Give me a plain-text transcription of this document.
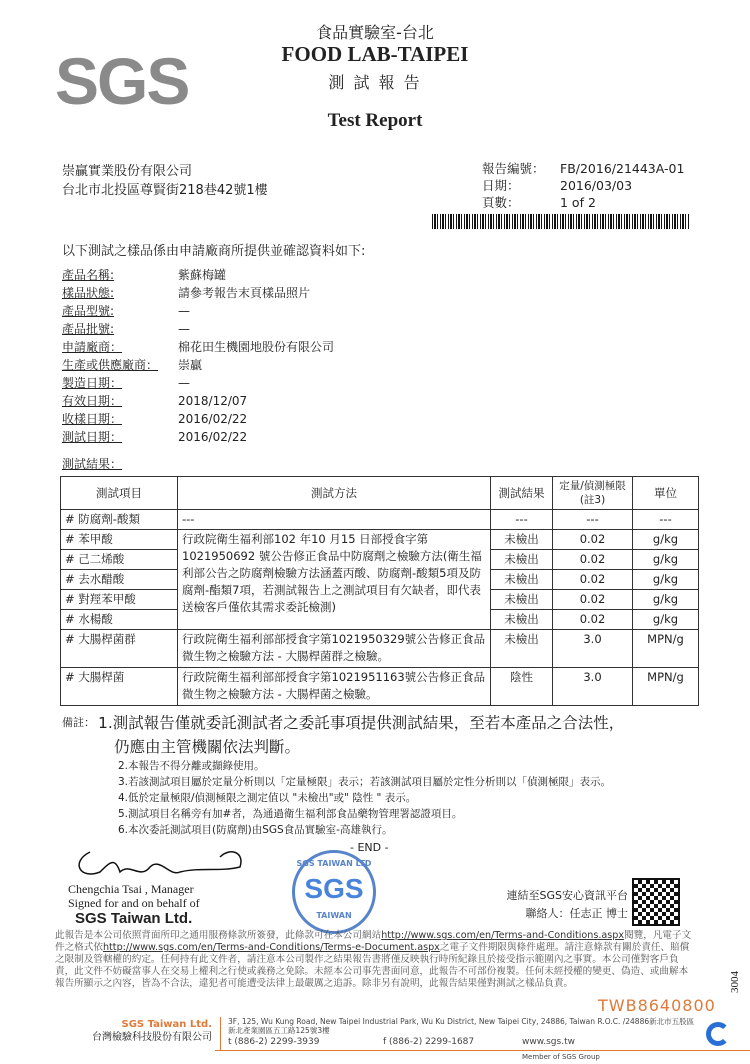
SGS
食品實驗室-台北
FOOD LAB-TAIPEI
測 試 報 告
Test Report
崇贏實業股份有限公司
台北市北投區尊賢街218巷42號1樓
報告編號： FB/2016/21443A-01
日期：	2016/03/03
頁數：	1 of 2
以下測試之樣品係由申請廠商所提供並確認資料如下:
產品名稱:	紫蘇梅罐
樣品狀態:	請參考報告末頁樣品照片
產品型號:	—
產品批號:	—
申請廠商：	棉花田生機園地股份有限公司
生產或供應廠商：	崇贏
製造日期：	—
有效日期：	2018/12/07
收樣日期：	2016/02/22
測試日期：	2016/02/22
測試結果：
測試項目	測試方法	測試結果	定量/偵測極限(註3)	單位
# 防腐劑-酸類	---	---	---	---
# 苯甲酸	行政院衛生福利部102 年10 月15 日部授食字第1021950692 號公告修正食品中防腐劑之檢驗方法(衛生福利部公告之防腐劑檢驗方法涵蓋丙酸、防腐劑-酸類5項及防腐劑-酯類7項，若測試報告上之測試項目有欠缺者，即代表送檢客戶僅依其需求委託檢測)	未檢出	0.02	g/kg
# 己二烯酸		未檢出	0.02	g/kg
# 去水醋酸		未檢出	0.02	g/kg
# 對羥苯甲酸		未檢出	0.02	g/kg
# 水楊酸		未檢出	0.02	g/kg
# 大腸桿菌群	行政院衛生福利部部授食字第1021950329號公告修正食品微生物之檢驗方法 - 大腸桿菌群之檢驗。	未檢出	3.0	MPN/g
# 大腸桿菌	行政院衛生福利部部授食字第1021951163號公告修正食品微生物之檢驗方法 - 大腸桿菌之檢驗。	陰性	3.0	MPN/g
備註： 1.測試報告僅就委託測試者之委託事項提供測試結果，至若本產品之合法性，
仍應由主管機關依法判斷。
2.本報告不得分離或擷錄使用。
3.若該測試項目屬於定量分析則以「定量極限」表示；若該測試項目屬於定性分析則以「偵測極限」表示。
4.低於定量極限/偵測極限之測定值以 "未檢出"或" 陰性 " 表示。
5.測試項目名稱旁有加#者，為通過衛生福利部食品藥物管理署認證項目。
6.本次委託測試項目(防腐劑)由SGS食品實驗室-高雄執行。
- END -
SGS TAIWAN LTD
SGS
TAIWAN
Chengchia Tsai , Manager
Signed for and on behalf of
SGS Taiwan Ltd.
連結至SGS安心資訊平台
聯絡人：任志正 博士
此報告是本公司依照背面所印之通用服務條款所簽發，此條款可在本公司網站http://www.sgs.com/en/Terms-and-Conditions.aspx閱覽，凡電子文件之格式依http://www.sgs.com/en/Terms-and-Conditions/Terms-e-Document.aspx之電子文件期限與條件處理。請注意條款有關於責任、賠償之限制及管轄權的約定。任何持有此文件者，請注意本公司製作之結果報告書將僅反映執行時所紀錄且於接受指示範圍內之事實。本公司僅對客戶負責，此文件不妨礙當事人在交易上權利之行使或義務之免除。未經本公司事先書面同意，此報告不可部份複製。任何未經授權的變更、偽造、或曲解本報告所顯示之內容，皆為不合法，違犯者可能遭受法律上最嚴厲之追訴。除非另有說明，此報告結果僅對測試之樣品負責。
TWB8640800
3004
SGS Taiwan Ltd.
台灣檢驗科技股份有限公司
3F, 125, Wu Kung Road, New Taipei Industrial Park, Wu Ku District, New Taipei City, 24886, Taiwan R.O.C. /24886新北市五股區新北產業園區五工路125號3樓
t (886-2) 2299-3939	f (886-2) 2299-1687	www.sgs.tw
Member of SGS Group
